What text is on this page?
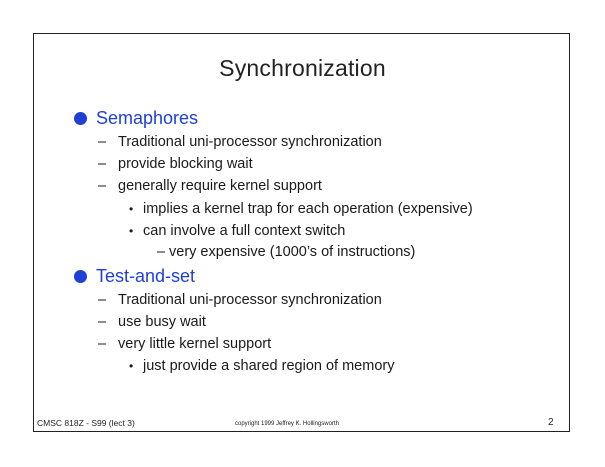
Synchronization
Semaphores
– Traditional uni-processor synchronization
– provide blocking wait
– generally require kernel support
• implies a kernel trap for each operation (expensive)
• can involve a full context switch
– very expensive (1000’s of instructions)
Test-and-set
– Traditional uni-processor synchronization
– use busy wait
– very little kernel support
• just provide a shared region of memory
CMSC 818Z - S99 (lect 3)	copyright 1999 Jeffrey K. Hollingsworth	2
